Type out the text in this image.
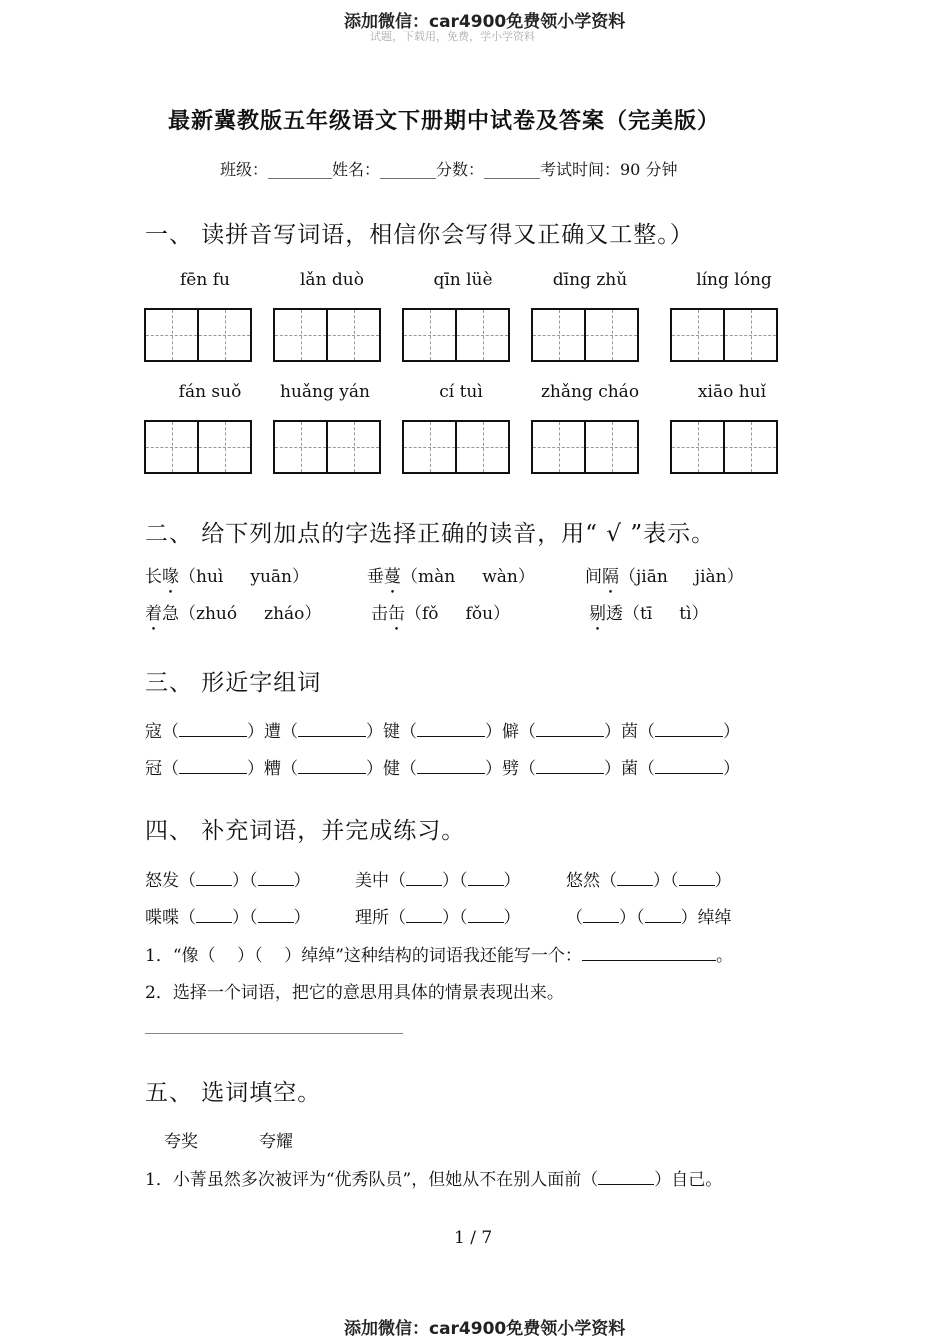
添加微信：car4900免费领小学资料
试题，下载用，免费，学小学资料
最新冀教版五年级语文下册期中试卷及答案（完美版）
班级：________姓名：_______分数：_______考试时间：90 分钟
一、 读拼音写词语，相信你会写得又正确又工整。）
fēn fu	lǎn duò	qīn lüè	dīng zhǔ	líng lóng
fán suǒ	huǎng yán	cí tuì	zhǎng cháo	xiāo huǐ
二、 给下列加点的字选择正确的读音，用“ √ ”表示。
长喙（huì     yuān）	垂蔓（màn     wàn）	间隔（jiān     jiàn）
着急（zhuó     zháo）	击缶（fǒ     fǒu）	剔透（tī     tì）
三、 形近字组词
寇（	）遭（	）键（	）僻（	）茵（	）
冠（	）糟（	）健（	）劈（	）菌（	）
四、 补充词语，并完成练习。
怒发（ ）（ ）	美中（ ）（ ）	悠然（ ）（ ）
喋喋（ ）（ ）	理所（ ）（ ）	（ ）（ ）绰绰
1．“像（    ）（    ）绰绰”这种结构的词语我还能写一个：	。
2．选择一个词语，把它的意思用具体的情景表现出来。
五、 选词填空。
夸奖	夸耀
1．小菁虽然多次被评为“优秀队员”，但她从不在别人面前（	）自己。
1 / 7
添加微信：car4900免费领小学资料
